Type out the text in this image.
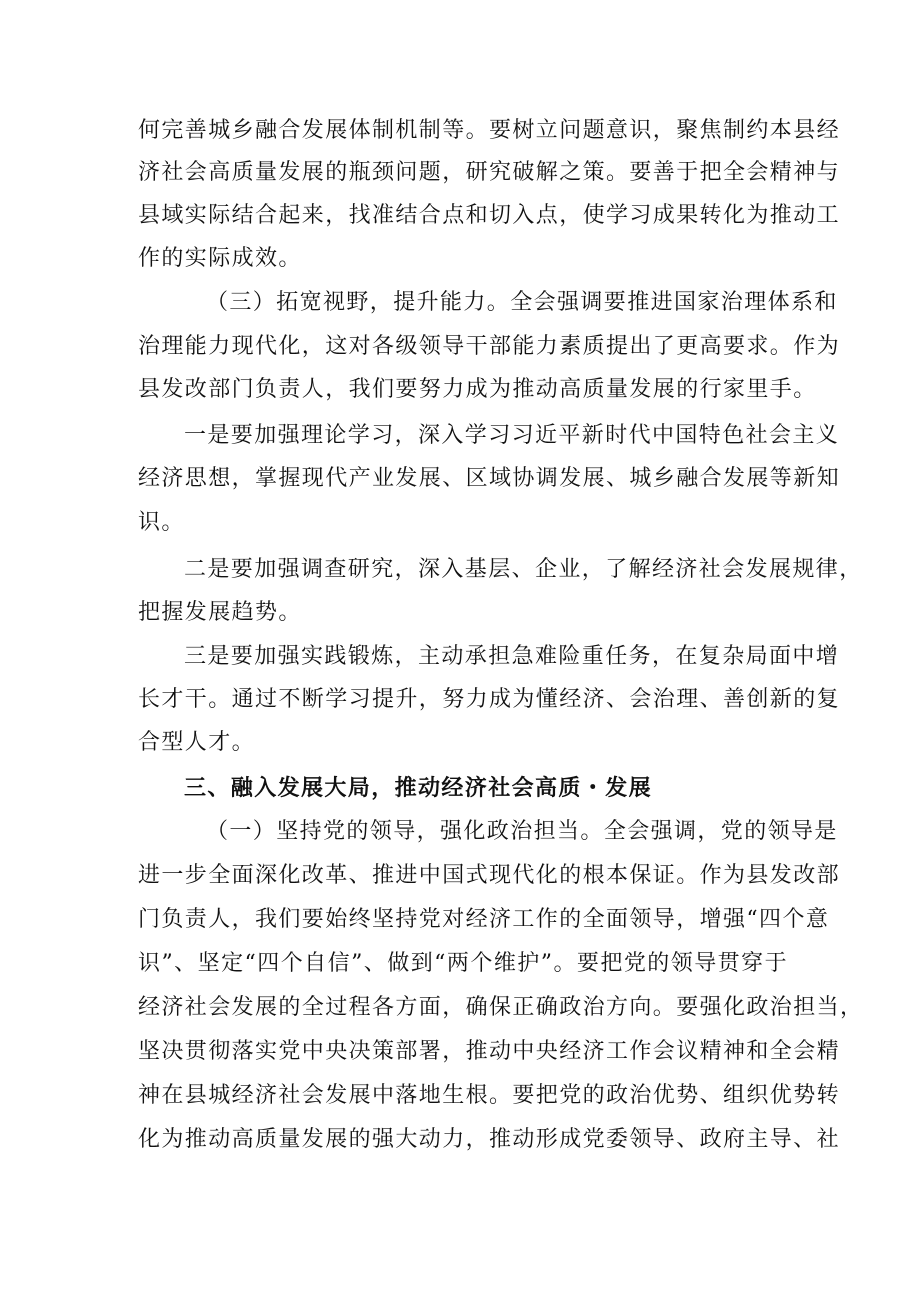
何完善城乡融合发展体制机制等。要树立问题意识，聚焦制约本县经
济社会高质量发展的瓶颈问题，研究破解之策。要善于把全会精神与
县域实际结合起来，找准结合点和切入点，使学习成果转化为推动工
作的实际成效。
（三）拓宽视野，提升能力。全会强调要推进国家治理体系和
治理能力现代化，这对各级领导干部能力素质提出了更高要求。作为
县发改部门负责人，我们要努力成为推动高质量发展的行家里手。
一是要加强理论学习，深入学习习近平新时代中国特色社会主义
经济思想，掌握现代产业发展、区域协调发展、城乡融合发展等新知
识。
二是要加强调查研究，深入基层、企业，了解经济社会发展规律，
把握发展趋势。
三是要加强实践锻炼，主动承担急难险重任务，在复杂局面中增
长才干。通过不断学习提升，努力成为懂经济、会治理、善创新的复
合型人才。
三、融入发展大局，推动经济社会高质・发展
（一）坚持党的领导，强化政治担当。全会强调，党的领导是
进一步全面深化改革、推进中国式现代化的根本保证。作为县发改部
门负责人，我们要始终坚持党对经济工作的全面领导，增强“四个意
识”、坚定“四个自信”、做到“两个维护”。要把党的领导贯穿于
经济社会发展的全过程各方面，确保正确政治方向。要强化政治担当，
坚决贯彻落实党中央决策部署，推动中央经济工作会议精神和全会精
神在县城经济社会发展中落地生根。要把党的政治优势、组织优势转
化为推动高质量发展的强大动力，推动形成党委领导、政府主导、社
